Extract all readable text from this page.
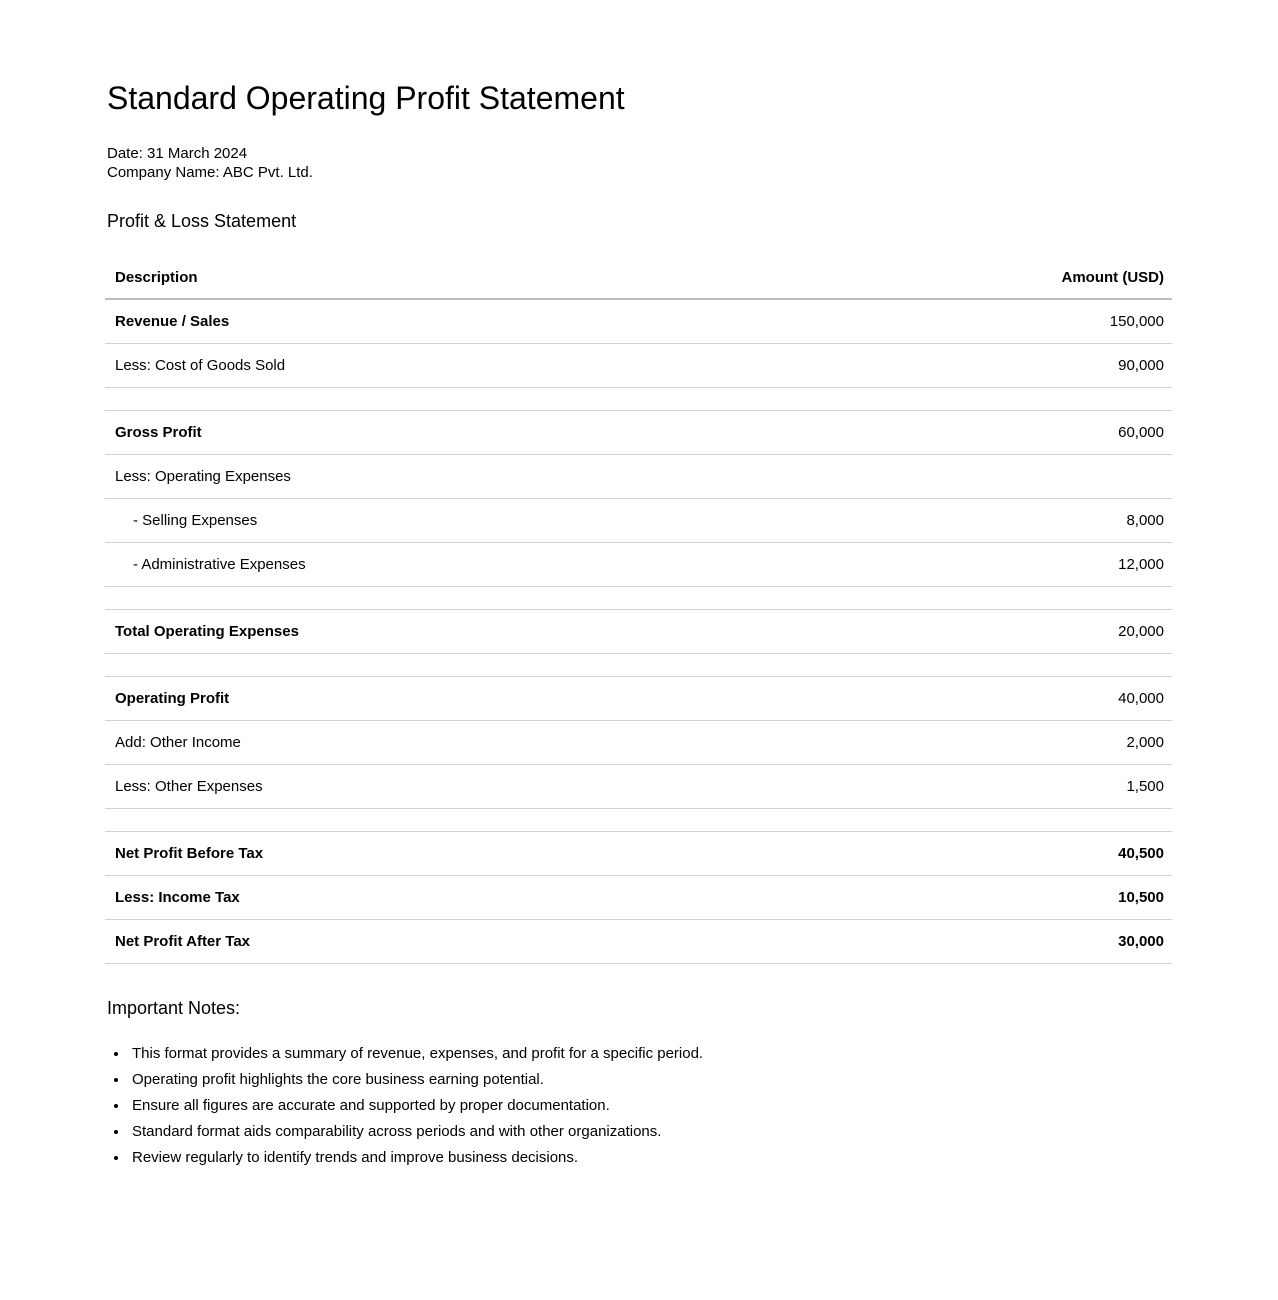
Standard Operating Profit Statement

Date: 31 March 2024
Company Name: ABC Pvt. Ltd.

Profit & Loss Statement
Description	Amount (USD)
Revenue / Sales	150,000
Less: Cost of Goods Sold	90,000

Gross Profit	60,000
Less: Operating Expenses	
- Selling Expenses	8,000
- Administrative Expenses	12,000

Total Operating Expenses	20,000

Operating Profit	40,000
Add: Other Income	2,000
Less: Other Expenses	1,500

Net Profit Before Tax	40,500
Less: Income Tax	10,500
Net Profit After Tax	30,000
Important Notes:
• This format provides a summary of revenue, expenses, and profit for a specific period.
• Operating profit highlights the core business earning potential.
• Ensure all figures are accurate and supported by proper documentation.
• Standard format aids comparability across periods and with other organizations.
• Review regularly to identify trends and improve business decisions.
